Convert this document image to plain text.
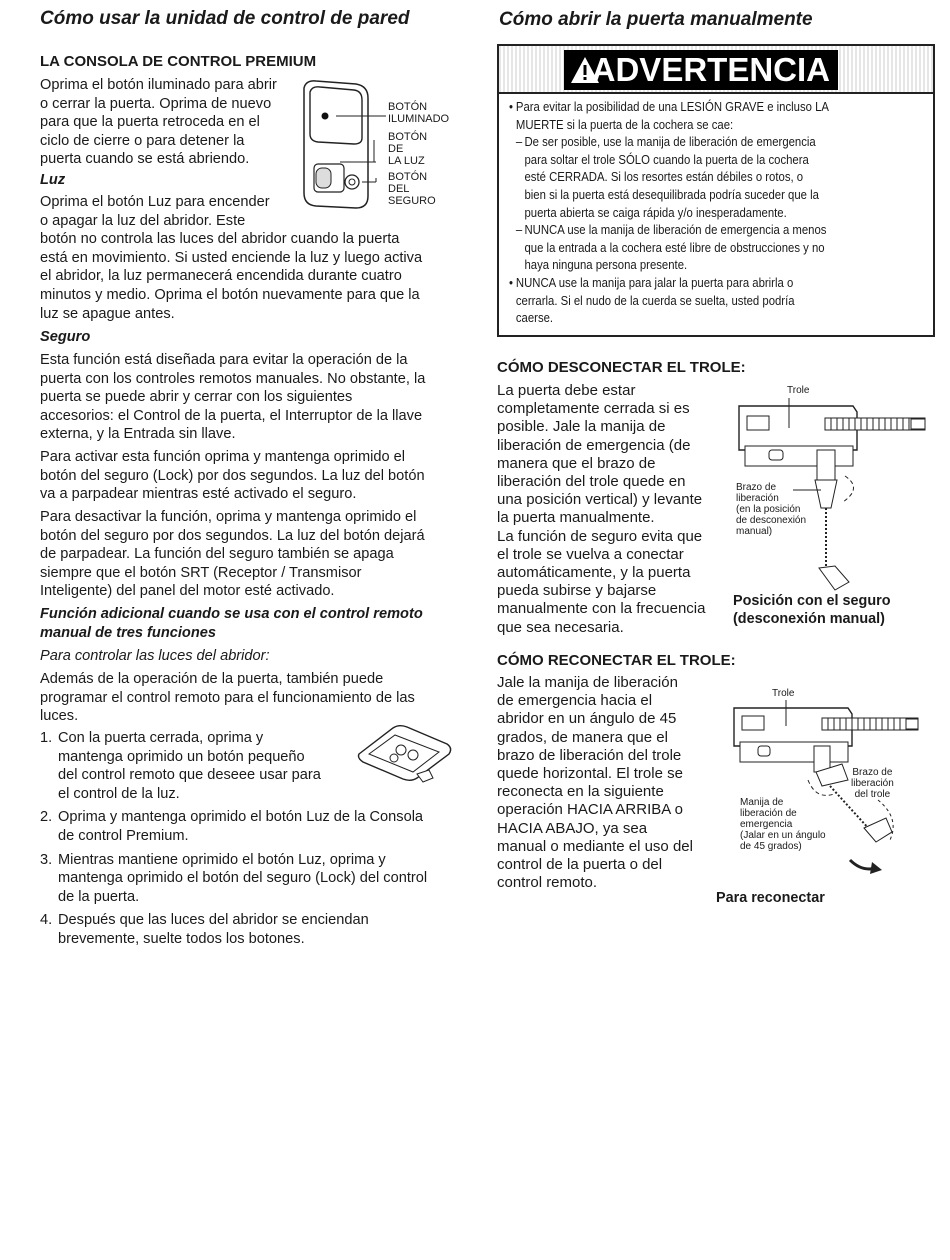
Cómo usar la unidad de control de pared
LA CONSOLA DE CONTROL PREMIUM
Oprima el botón iluminado para abrir
o cerrar la puerta. Oprima de nuevo
para que la puerta retroceda en el
ciclo de cierre o para detener la
puerta cuando se está abriendo.
Luz
Oprima el botón Luz para encender
o apagar la luz del abridor. Este
botón no controla las luces del abridor cuando la puerta
está en movimiento. Si usted enciende la luz y luego activa
el abridor, la luz permanecerá encendida durante cuatro
minutos y medio. Oprima el botón nuevamente para que la
luz se apague antes.
BOTÓN
ILUMINADO
BOTÓN
DE
LA LUZ
BOTÓN
DEL
SEGURO
Seguro
Esta función está diseñada para evitar la operación de la
puerta con los controles remotos manuales. No obstante, la
puerta se puede abrir y cerrar con los siguientes
accesorios: el Control de la puerta, el Interruptor de la llave
externa, y la Entrada sin llave.
Para activar esta función oprima y mantenga oprimido el
botón del seguro (Lock) por dos segundos. La luz del botón
va a parpadear mientras esté activado el seguro.
Para desactivar la función, oprima y mantenga oprimido el
botón del seguro por dos segundos. La luz del botón dejará
de parpadear. La función del seguro también se apaga
siempre que el botón SRT (Receptor / Transmisor
Inteligente) del panel del motor esté activado.
Función adicional cuando se usa con el control remoto
manual de tres funciones
Para controlar las luces del abridor:
Además de la operación de la puerta, también puede
programar el control remoto para el funcionamiento de las
luces.
1. Con la puerta cerrada, oprima y
mantenga oprimido un botón pequeño
del control remoto que deseee usar para
el control de la luz.
2. Oprima y mantenga oprimido el botón Luz de la Consola
de control Premium.
3. Mientras mantiene oprimido el botón Luz, oprima y
mantenga oprimido el botón del seguro (Lock) del control
de la puerta.
4. Después que las luces del abridor se enciendan
brevemente, suelte todos los botones.
Cómo abrir la puerta manualmente
ADVERTENCIA
• Para evitar la posibilidad de una LESIÓN GRAVE e incluso LA
MUERTE si la puerta de la cochera se cae:
– De ser posible, use la manija de liberación de emergencia
para soltar el trole SÓLO cuando la puerta de la cochera
esté CERRADA. Si los resortes están débiles o rotos, o
bien si la puerta está desequilibrada podría suceder que la
puerta abierta se caiga rápida y/o inesperadamente.
– NUNCA use la manija de liberación de emergencia a menos
que la entrada a la cochera esté libre de obstrucciones y no
haya ninguna persona presente.
• NUNCA use la manija para jalar la puerta para abrirla o
cerrarla. Si el nudo de la cuerda se suelta, usted podría
caerse.
CÓMO DESCONECTAR EL TROLE:
La puerta debe estar
completamente cerrada si es
posible. Jale la manija de
liberación de emergencia (de
manera que el brazo de
liberación del trole quede en
una posición vertical) y levante
la puerta manualmente.
La función de seguro evita que
el trole se vuelva a conectar
automáticamente, y la puerta
pueda subirse y bajarse
manualmente con la frecuencia
que sea necesaria.
Trole
Brazo de
liberación
(en la posición
de desconexión
manual)
Posición con el seguro
(desconexión manual)
CÓMO RECONECTAR EL TROLE:
Jale la manija de liberación
de emergencia hacia el
abridor en un ángulo de 45
grados, de manera que el
brazo de liberación del trole
quede horizontal. El trole se
reconecta en la siguiente
operación HACIA ARRIBA o
HACIA ABAJO, ya sea
manual o mediante el uso del
control de la puerta o del
control remoto.
Trole
Brazo de
liberación
del trole
Manija de
liberación de
emergencia
(Jalar en un ángulo
de 45 grados)
Para reconectar
